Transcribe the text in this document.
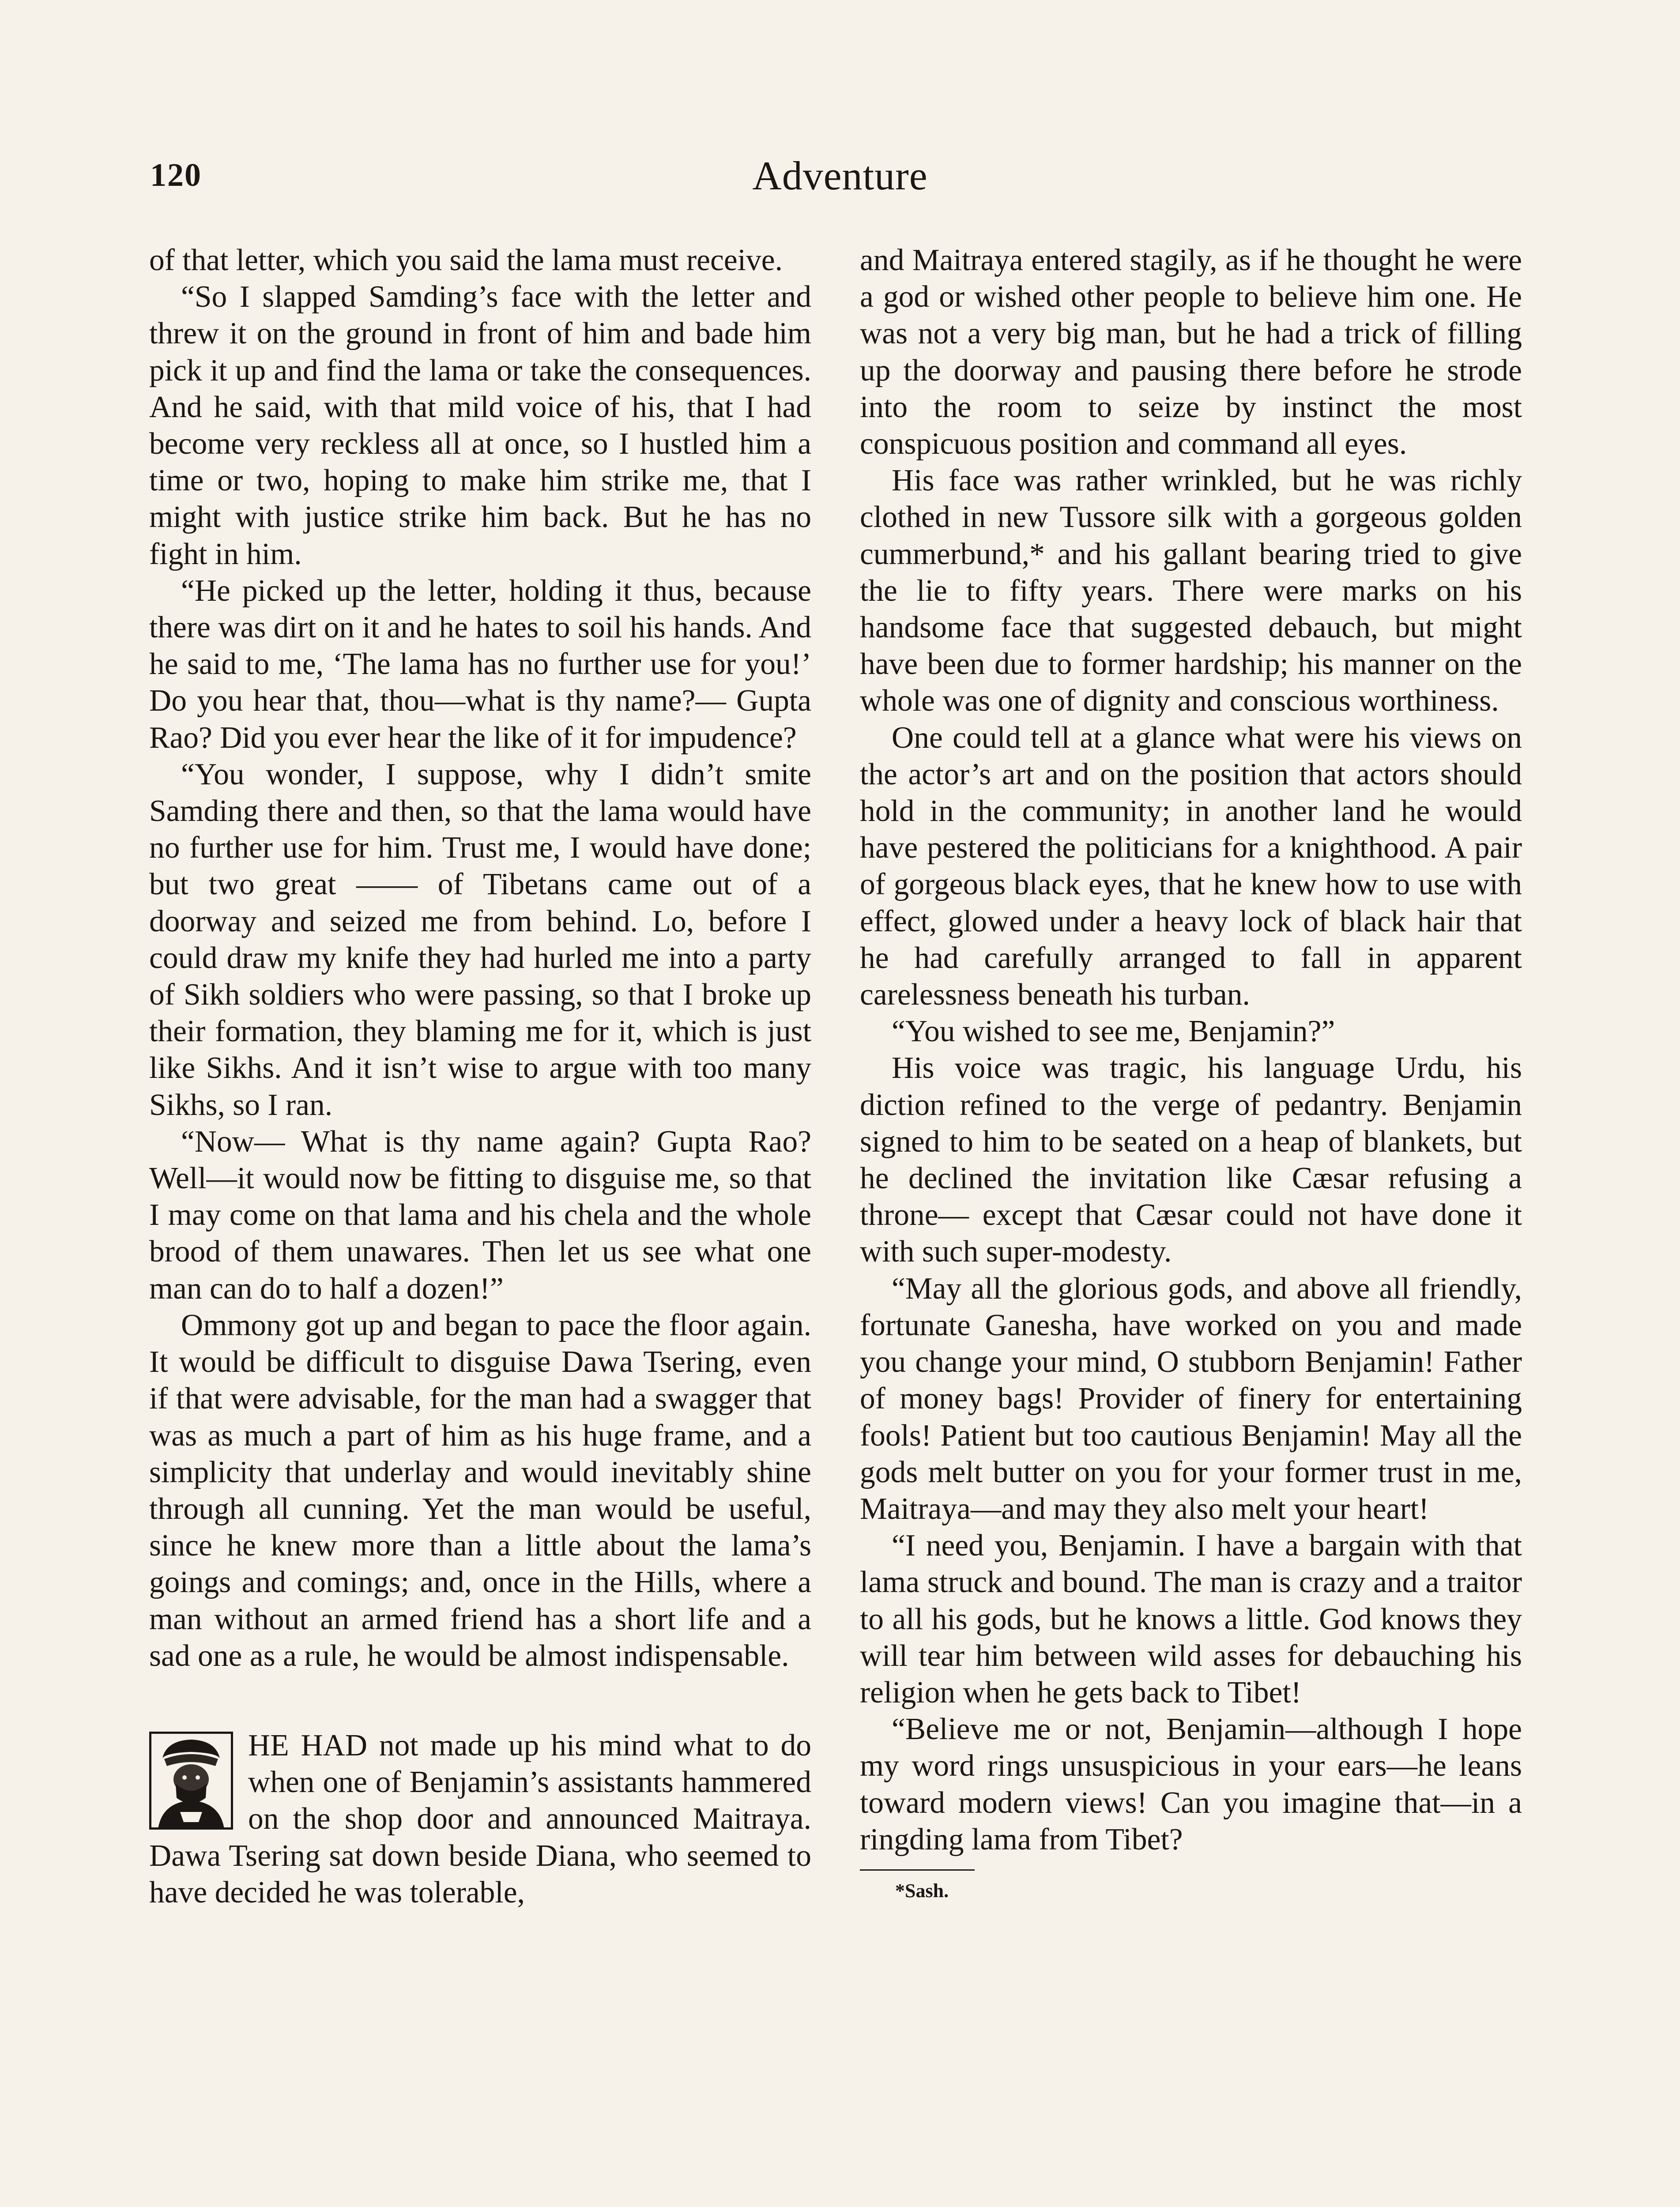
120	Adventure

of that letter, which you said the lama must receive.

“So I slapped Samding’s face with the letter and threw it on the ground in front of him and bade him pick it up and find the lama or take the consequences. And he said, with that mild voice of his, that I had become very reckless all at once, so I hustled him a time or two, hoping to make him strike me, that I might with justice strike him back. But he has no fight in him.

“He picked up the letter, holding it thus, because there was dirt on it and he hates to soil his hands. And he said to me, ‘The lama has no further use for you!’ Do you hear that, thou—what is thy name?— Gupta Rao? Did you ever hear the like of it for impudence?

“You wonder, I suppose, why I didn’t smite Samding there and then, so that the lama would have no further use for him. Trust me, I would have done; but two great —— of Tibetans came out of a doorway and seized me from behind. Lo, before I could draw my knife they had hurled me into a party of Sikh soldiers who were passing, so that I broke up their formation, they blaming me for it, which is just like Sikhs. And it isn’t wise to argue with too many Sikhs, so I ran.

“Now— What is thy name again? Gupta Rao? Well—it would now be fitting to disguise me, so that I may come on that lama and his chela and the whole brood of them unawares. Then let us see what one man can do to half a dozen!”

Ommony got up and began to pace the floor again. It would be difficult to disguise Dawa Tsering, even if that were advisable, for the man had a swagger that was as much a part of him as his huge frame, and a simplicity that underlay and would inevitably shine through all cunning. Yet the man would be useful, since he knew more than a little about the lama’s goings and comings; and, once in the Hills, where a man without an armed friend has a short life and a sad one as a rule, he would be almost indispensable.

HE HAD not made up his mind what to do when one of Benjamin’s assistants hammered on the shop door and announced Maitraya. Dawa Tsering sat down beside Diana, who seemed to have decided he was tolerable,

and Maitraya entered stagily, as if he thought he were a god or wished other people to believe him one. He was not a very big man, but he had a trick of filling up the doorway and pausing there before he strode into the room to seize by instinct the most conspicuous position and command all eyes.

His face was rather wrinkled, but he was richly clothed in new Tussore silk with a gorgeous golden cummerbund,* and his gallant bearing tried to give the lie to fifty years. There were marks on his handsome face that suggested debauch, but might have been due to former hardship; his manner on the whole was one of dignity and conscious worthiness.

One could tell at a glance what were his views on the actor’s art and on the position that actors should hold in the community; in another land he would have pestered the politicians for a knighthood. A pair of gorgeous black eyes, that he knew how to use with effect, glowed under a heavy lock of black hair that he had carefully arranged to fall in apparent carelessness beneath his turban.

“You wished to see me, Benjamin?”

His voice was tragic, his language Urdu, his diction refined to the verge of pedantry. Benjamin signed to him to be seated on a heap of blankets, but he declined the invitation like Cæsar refusing a throne— except that Cæsar could not have done it with such super-modesty.

“May all the glorious gods, and above all friendly, fortunate Ganesha, have worked on you and made you change your mind, O stubborn Benjamin! Father of money bags! Provider of finery for entertaining fools! Patient but too cautious Benjamin! May all the gods melt butter on you for your former trust in me, Maitraya—and may they also melt your heart!

“I need you, Benjamin. I have a bargain with that lama struck and bound. The man is crazy and a traitor to all his gods, but he knows a little. God knows they will tear him between wild asses for debauching his religion when he gets back to Tibet!

“Believe me or not, Benjamin—although I hope my word rings unsuspicious in your ears—he leans toward modern views! Can you imagine that—in a ringding lama from Tibet?

*Sash.
